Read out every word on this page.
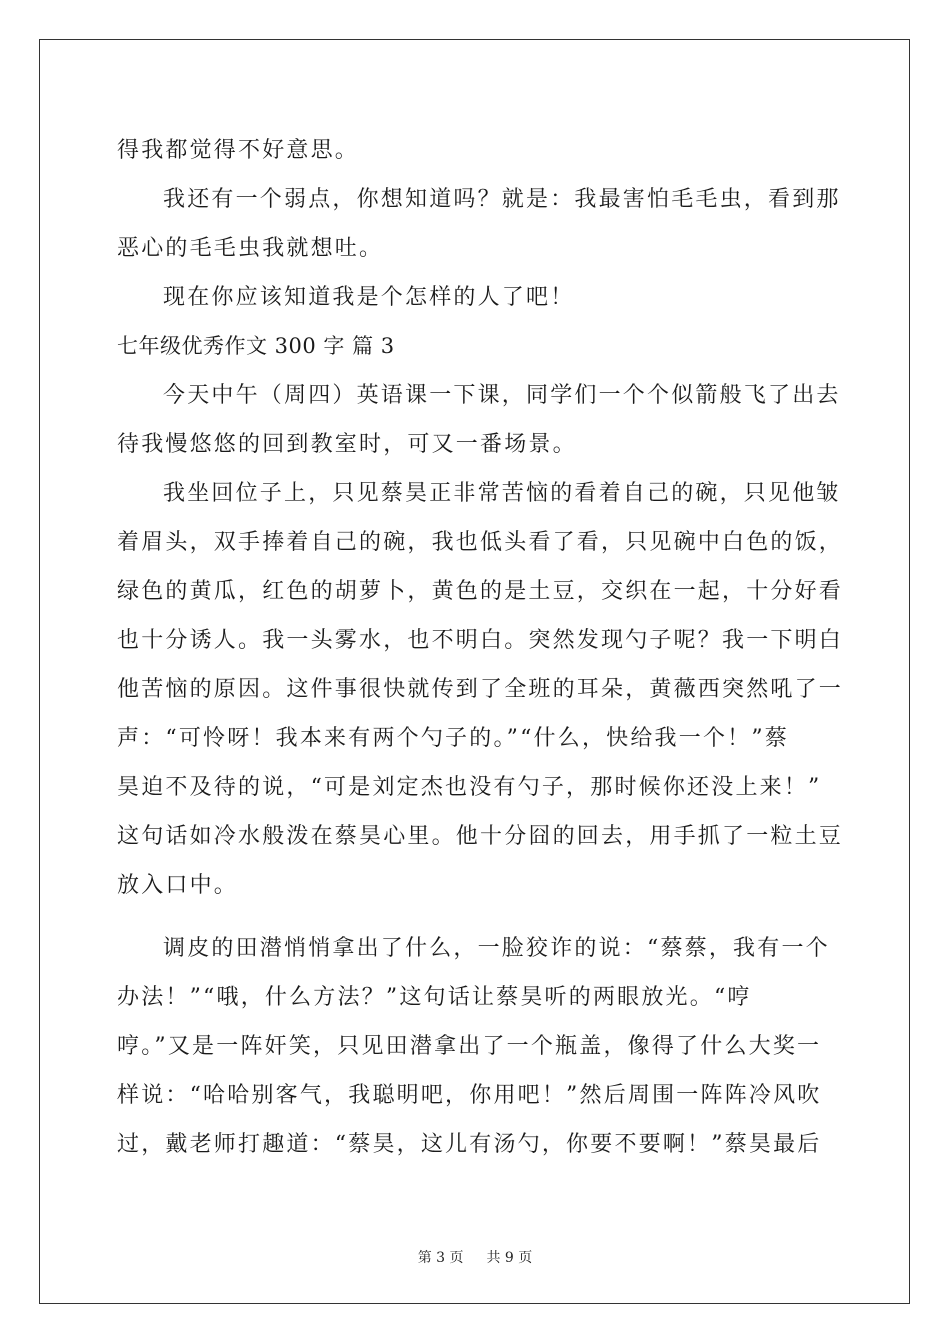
得我都觉得不好意思。
我还有一个弱点，你想知道吗？就是：我最害怕毛毛虫，看到那
恶心的毛毛虫我就想吐。
现在你应该知道我是个怎样的人了吧！
七年级优秀作文 300 字 篇 3
今天中午（周四）英语课一下课，同学们一个个似箭般飞了出去
待我慢悠悠的回到教室时，可又一番场景。
我坐回位子上，只见蔡昊正非常苦恼的看着自己的碗，只见他皱
着眉头，双手捧着自己的碗，我也低头看了看，只见碗中白色的饭，
绿色的黄瓜，红色的胡萝卜，黄色的是土豆，交织在一起，十分好看
也十分诱人。我一头雾水，也不明白。突然发现勺子呢？我一下明白
他苦恼的原因。这件事很快就传到了全班的耳朵，黄薇西突然吼了一
声：“可怜呀！我本来有两个勺子的。”“什么，快给我一个！”蔡
昊迫不及待的说，“可是刘定杰也没有勺子，那时候你还没上来！”
这句话如冷水般泼在蔡昊心里。他十分囧的回去，用手抓了一粒土豆
放入口中。
调皮的田潜悄悄拿出了什么，一脸狡诈的说：“蔡蔡，我有一个
办法！”“哦，什么方法？”这句话让蔡昊听的两眼放光。“哼
哼。”又是一阵奸笑，只见田潜拿出了一个瓶盖，像得了什么大奖一
样说：“哈哈别客气，我聪明吧，你用吧！”然后周围一阵阵冷风吹
过，戴老师打趣道：“蔡昊，这儿有汤勺，你要不要啊！”蔡昊最后
第 3 页 共 9 页
